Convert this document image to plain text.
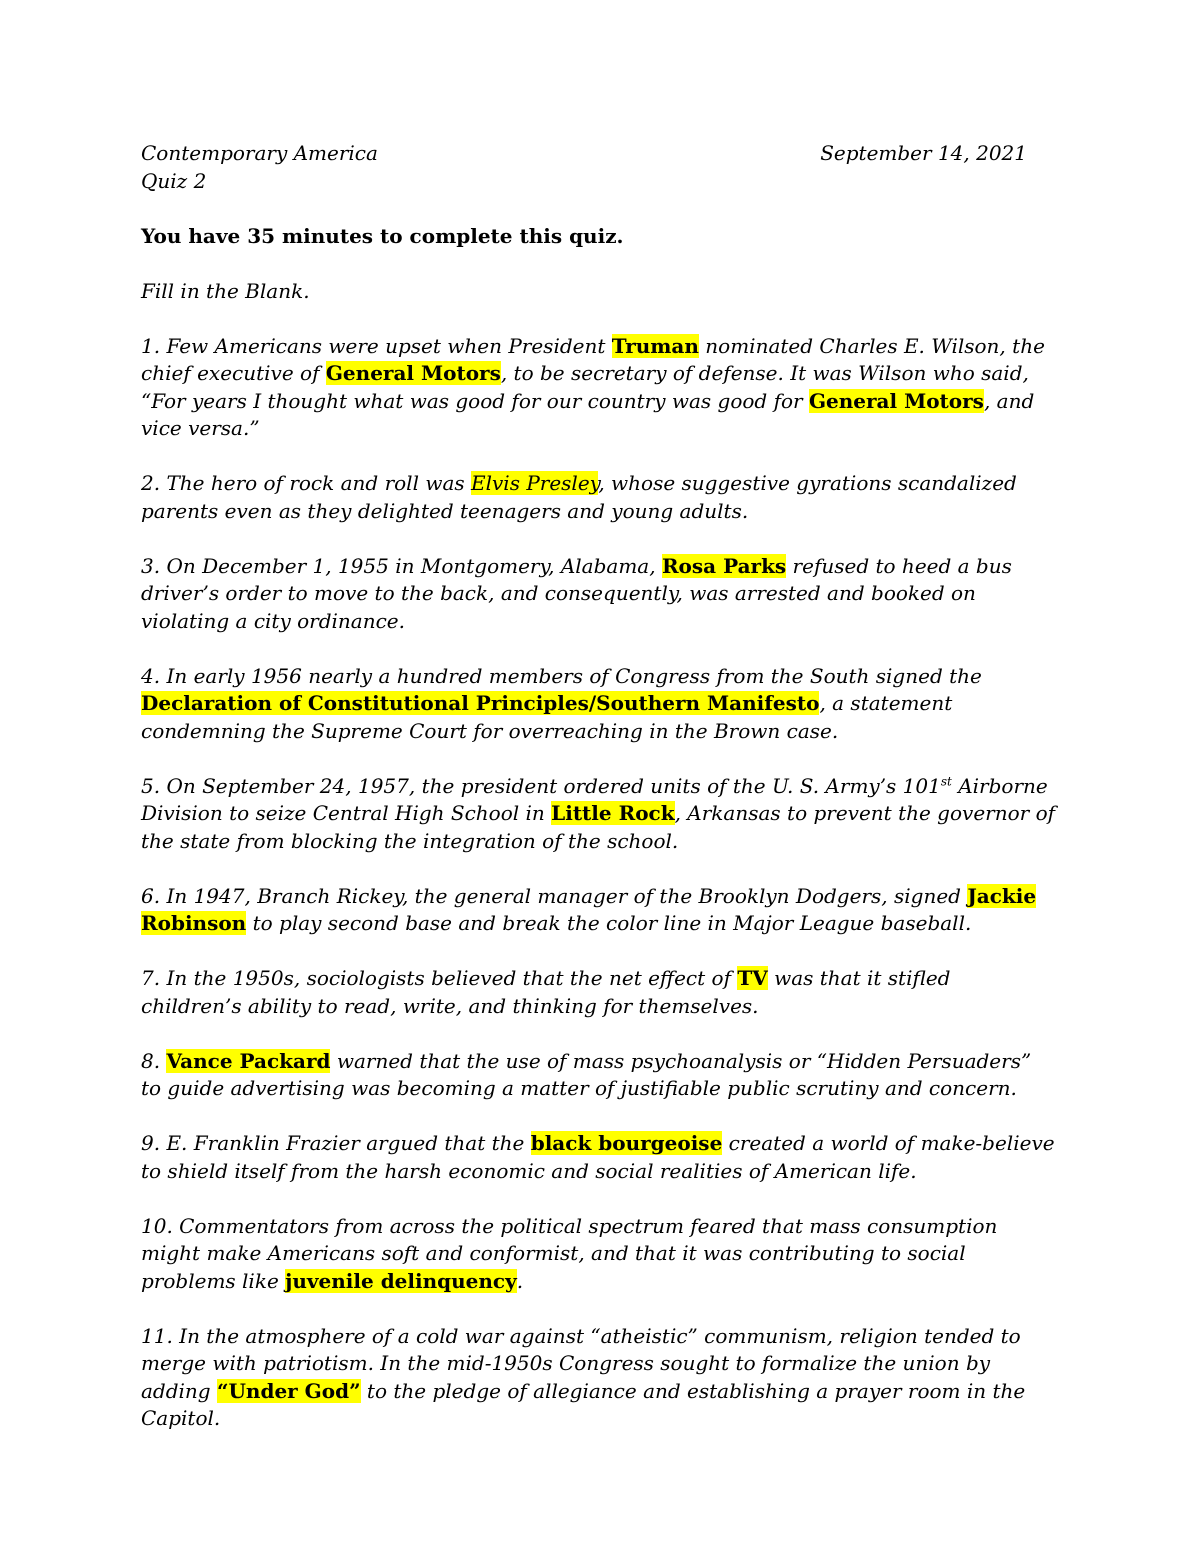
Contemporary America	September 14, 2021
Quiz 2
You have 35 minutes to complete this quiz.
Fill in the Blank.

1. Few Americans were upset when President Truman nominated Charles E. Wilson, the chief executive of General Motors, to be secretary of defense. It was Wilson who said, “For years I thought what was good for our country was good for General Motors, and vice versa.”

2. The hero of rock and roll was Elvis Presley, whose suggestive gyrations scandalized parents even as they delighted teenagers and young adults.

3. On December 1, 1955 in Montgomery, Alabama, Rosa Parks refused to heed a bus driver’s order to move to the back, and consequently, was arrested and booked on violating a city ordinance.

4. In early 1956 nearly a hundred members of Congress from the South signed the Declaration of Constitutional Principles/Southern Manifesto, a statement condemning the Supreme Court for overreaching in the Brown case.

5. On September 24, 1957, the president ordered units of the U. S. Army’s 101st Airborne Division to seize Central High School in Little Rock, Arkansas to prevent the governor of the state from blocking the integration of the school.

6. In 1947, Branch Rickey, the general manager of the Brooklyn Dodgers, signed Jackie Robinson to play second base and break the color line in Major League baseball.

7. In the 1950s, sociologists believed that the net effect of TV was that it stifled children’s ability to read, write, and thinking for themselves.

8. Vance Packard warned that the use of mass psychoanalysis or “Hidden Persuaders” to guide advertising was becoming a matter of justifiable public scrutiny and concern.

9. E. Franklin Frazier argued that the black bourgeoise created a world of make-believe to shield itself from the harsh economic and social realities of American life.

10. Commentators from across the political spectrum feared that mass consumption might make Americans soft and conformist, and that it was contributing to social problems like juvenile delinquency.

11. In the atmosphere of a cold war against “atheistic” communism, religion tended to merge with patriotism. In the mid-1950s Congress sought to formalize the union by adding “Under God” to the pledge of allegiance and establishing a prayer room in the Capitol.
